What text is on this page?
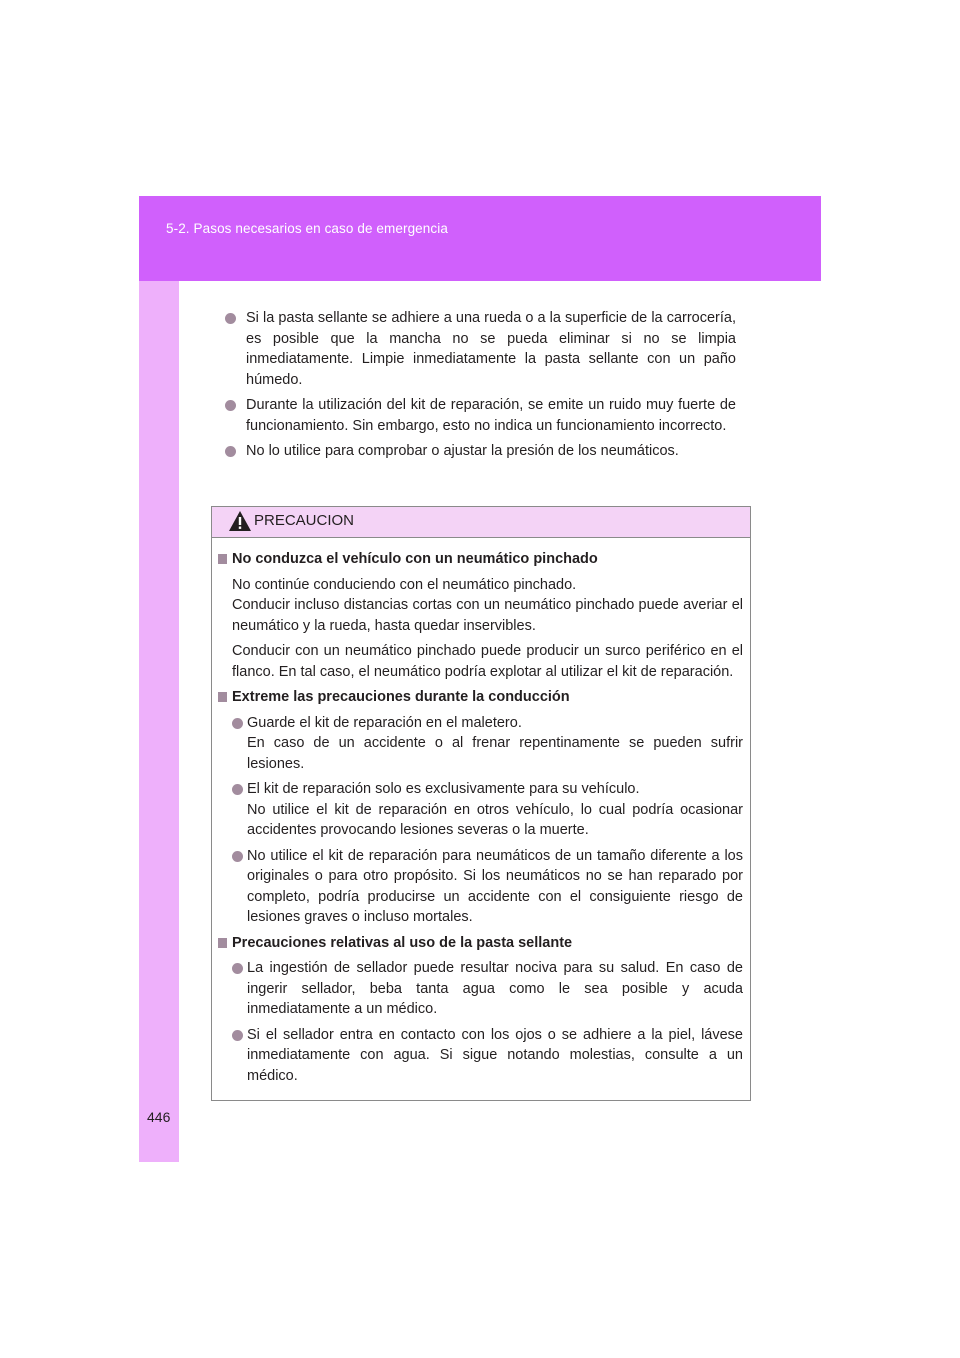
5-2. Pasos necesarios en caso de emergencia
446
Si la pasta sellante se adhiere a una rueda o a la superficie de la carrocería, es posible que la mancha no se pueda eliminar si no se limpia inmediatamente. Limpie inmediatamente la pasta sellante con un paño húmedo.
Durante la utilización del kit de reparación, se emite un ruido muy fuerte de funcionamiento. Sin embargo, esto no indica un funcionamiento incorrecto.
No lo utilice para comprobar o ajustar la presión de los neumáticos.
PRECAUCION
No conduzca el vehículo con un neumático pinchado
No continúe conduciendo con el neumático pinchado.
Conducir incluso distancias cortas con un neumático pinchado puede averiar el neumático y la rueda, hasta quedar inservibles.
Conducir con un neumático pinchado puede producir un surco periférico en el flanco. En tal caso, el neumático podría explotar al utilizar el kit de reparación.
Extreme las precauciones durante la conducción
Guarde el kit de reparación en el maletero.
En caso de un accidente o al frenar repentinamente se pueden sufrir lesiones.
El kit de reparación solo es exclusivamente para su vehículo.
No utilice el kit de reparación en otros vehículo, lo cual podría ocasionar accidentes provocando lesiones severas o la muerte.
No utilice el kit de reparación para neumáticos de un tamaño diferente a los originales o para otro propósito. Si los neumáticos no se han reparado por completo, podría producirse un accidente con el consiguiente riesgo de lesiones graves o incluso mortales.
Precauciones relativas al uso de la pasta sellante
La ingestión de sellador puede resultar nociva para su salud. En caso de ingerir sellador, beba tanta agua como le sea posible y acuda inmediatamente a un médico.
Si el sellador entra en contacto con los ojos o se adhiere a la piel, lávese inmediatamente con agua. Si sigue notando molestias, consulte a un médico.
